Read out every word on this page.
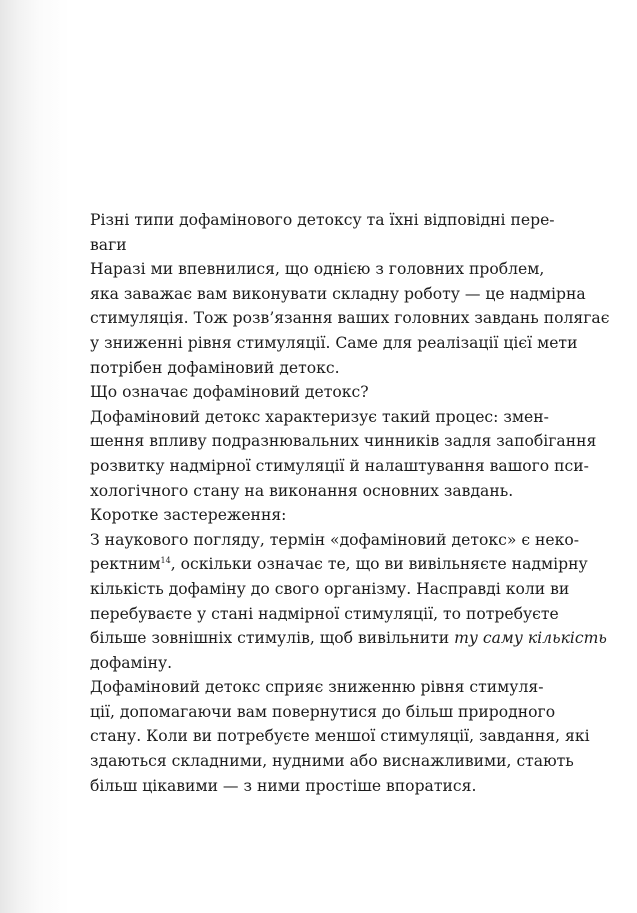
Різні типи дофамінового детоксу та їхні відповідні пере-
ваги
Наразі ми впевнилися, що однією з головних проблем,
яка заважає вам виконувати складну роботу — це надмірна
стимуляція. Тож розв’язання ваших головних завдань полягає
у зниженні рівня стимуляції. Саме для реалізації цієї мети
потрібен дофаміновий детокс.
Що означає дофаміновий детокс?
Дофаміновий детокс характеризує такий процес: змен-
шення впливу подразнювальних чинників задля запобігання
розвитку надмірної стимуляції й налаштування вашого пси-
хологічного стану на виконання основних завдань.
Коротке застереження:
З наукового погляду, термін «дофаміновий детокс» є неко-
ректним$^{14}$, оскільки означає те, що ви вивільняєте надмірну
кількість дофаміну до свого організму. Насправді коли ви
перебуваєте у стані надмірної стимуляції, то потребуєте
більше зовнішніх стимулів, щоб вивільнити ту саму кількість
дофаміну.
Дофаміновий детокс сприяє зниженню рівня стимуля-
ції, допомагаючи вам повернутися до більш природного
стану. Коли ви потребуєте меншої стимуляції, завдання, які
здаються складними, нудними або виснажливими, стають
більш цікавими — з ними простіше впоратися.
